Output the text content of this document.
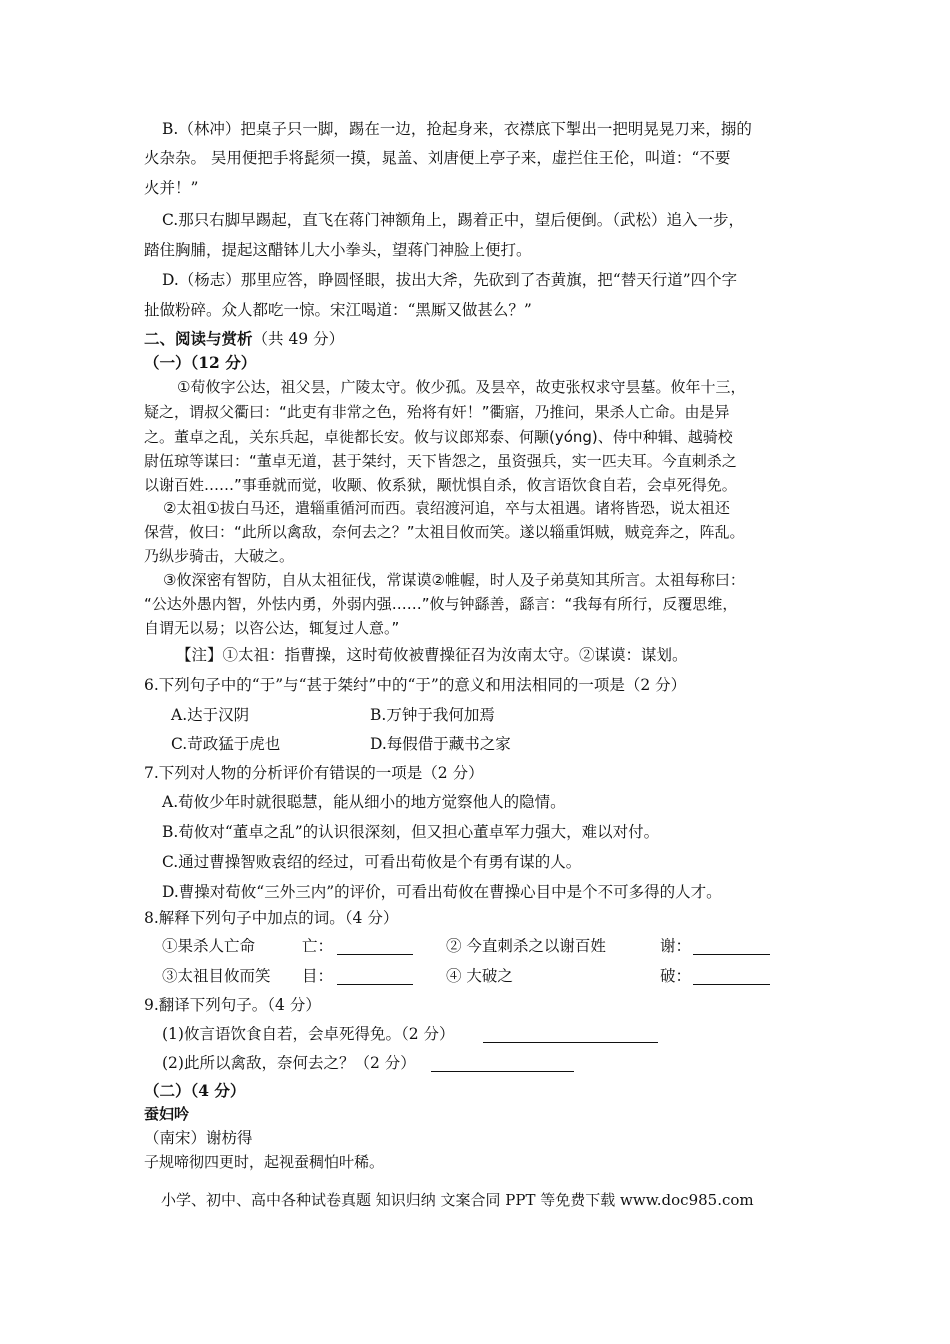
B.（林冲）把桌子只一脚，踢在一边，抢起身来，衣襟底下掣出一把明晃晃刀来，搦的
火杂杂。 吴用便把手将髭须一摸，晁盖、刘唐便上亭子来，虚拦住王伦，叫道：“不要
火并！”
C.那只右脚早踢起，直飞在蒋门神额角上，踢着正中，望后便倒。（武松）追入一步，
踏住胸脯，提起这醋钵儿大小拳头，望蒋门神脸上便打。
D.（杨志）那里应答，睁圆怪眼，拔出大斧，先砍到了杏黄旗，把“替天行道”四个字
扯做粉碎。众人都吃一惊。宋江喝道：“黑厮又做甚么？”
二、阅读与赏析（共 49 分）
（一）（12 分）
①荀攸字公达，祖父昙，广陵太守。攸少孤。及昙卒，故吏张权求守昙墓。攸年十三，
疑之，谓叔父衢曰：“此吏有非常之色，殆将有奸！”衢寤，乃推问，果杀人亡命。由是异
之。董卓之乱，关东兵起，卓徙都长安。攸与议郎郑泰、何颙(yóng)、侍中种辑、越骑校
尉伍琼等谋曰：“董卓无道，甚于桀纣，天下皆怨之，虽资强兵，实一匹夫耳。今直刺杀之
以谢百姓……”事垂就而觉，收颙、攸系狱，颙忧惧自杀，攸言语饮食自若，会卓死得免。
②太祖①拔白马还，遣辎重循河而西。袁绍渡河追，卒与太祖遇。诸将皆恐，说太祖还
保营，攸曰：“此所以禽敌，奈何去之？”太祖目攸而笑。遂以辎重饵贼，贼竞奔之，阵乱。
乃纵步骑击，大破之。
③攸深密有智防，自从太祖征伐，常谋谟②帷幄，时人及子弟莫知其所言。太祖每称曰：
“公达外愚内智，外怯内勇，外弱内强……”攸与钟繇善，繇言：“我每有所行，反覆思维，
自谓无以易；以咨公达，辄复过人意。”
【注】①太祖：指曹操，这时荀攸被曹操征召为汝南太守。②谋谟：谋划。
6.下列句子中的“于”与“甚于桀纣”中的“于”的意义和用法相同的一项是（2 分）
A.达于汉阴	B.万钟于我何加焉
C.苛政猛于虎也	D.每假借于藏书之家
7.下列对人物的分析评价有错误的一项是（2 分）
A.荀攸少年时就很聪慧，能从细小的地方觉察他人的隐情。
B.荀攸对“董卓之乱”的认识很深刻，但又担心董卓军力强大，难以对付。
C.通过曹操智败袁绍的经过，可看出荀攸是个有勇有谋的人。
D.曹操对荀攸“三外三内”的评价，可看出荀攸在曹操心目中是个不可多得的人才。
8.解释下列句子中加点的词。（4 分）
①果杀人亡命	亡：	② 今直刺杀之以谢百姓	谢：
③太祖目攸而笑 目：	④ 大破之	破：
9.翻译下列句子。（4 分）
(1)攸言语饮食自若，会卓死得免。（2 分）
(2)此所以禽敌，奈何去之？（2 分）
（二）（4 分）
蚕妇吟
（南宋）谢枋得
子规啼彻四更时，起视蚕稠怕叶稀。
小学、初中、高中各种试卷真题 知识归纳 文案合同 PPT 等免费下载 www.doc985.com
